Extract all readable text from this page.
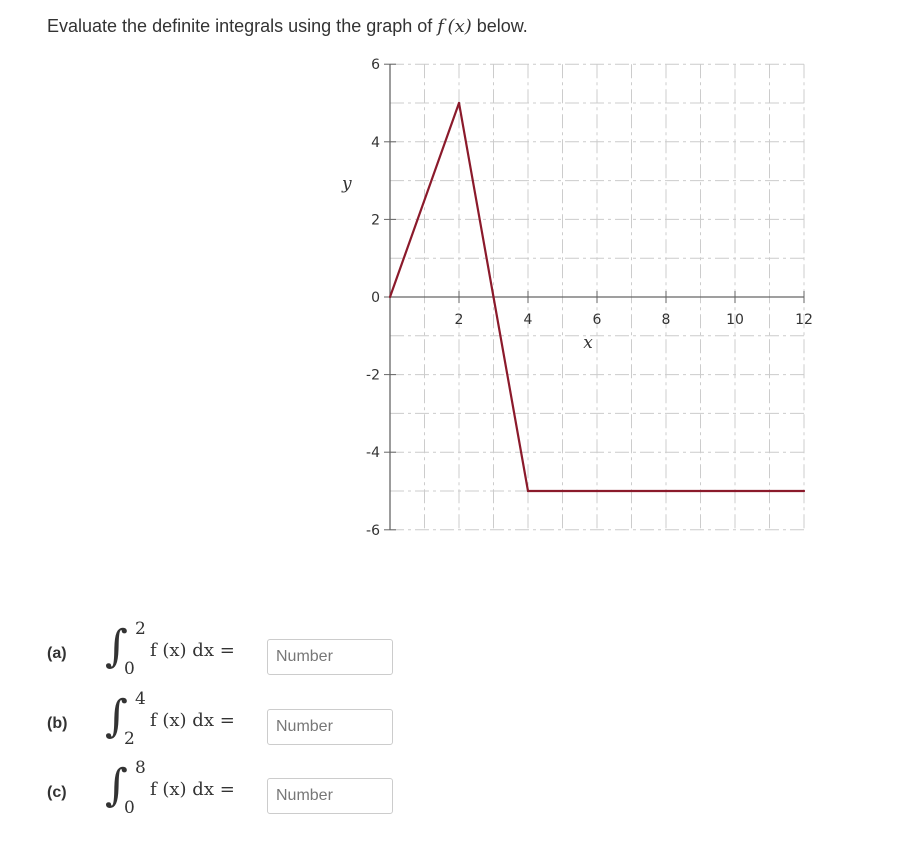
Evaluate the definite integrals using the graph of f  (x) below.
6
4
2
0
-2
-4
-6
2	4	6	8	10	12
y
x
(a) ∫ 2
0
f (x) dx =
Number
(b) ∫ 4
2
f (x) dx =
Number
(c) ∫ 8
0
f (x) dx =
Number
